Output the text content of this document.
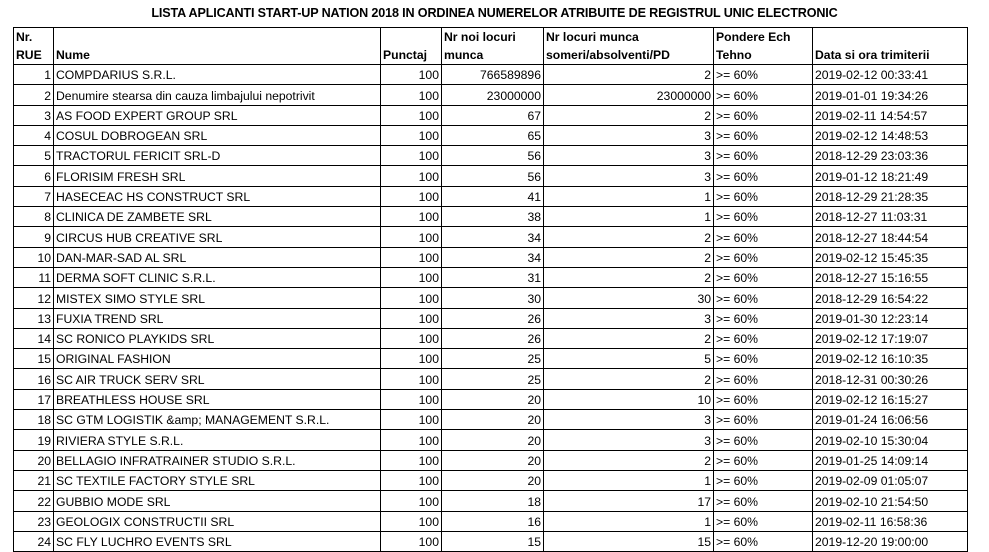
LISTA APLICANTI START-UP NATION 2018 IN ORDINEA NUMERELOR ATRIBUITE DE REGISTRUL UNIC ELECTRONIC
Nr.			Nr noi locuri	Nr locuri munca	Pondere Ech	
RUE	Nume	Punctaj	munca	someri/absolventi/PD	Tehno	Data si ora trimiterii
1	COMPDARIUS S.R.L.	100	766589896	2	>= 60%	2019-02-12 00:33:41
2	Denumire stearsa din cauza limbajului nepotrivit	100	23000000	23000000	>= 60%	2019-01-01 19:34:26
3	AS FOOD EXPERT GROUP SRL	100	67	2	>= 60%	2019-02-11 14:54:57
4	COSUL DOBROGEAN SRL	100	65	3	>= 60%	2019-02-12 14:48:53
5	TRACTORUL FERICIT SRL-D	100	56	3	>= 60%	2018-12-29 23:03:36
6	FLORISIM FRESH SRL	100	56	3	>= 60%	2019-01-12 18:21:49
7	HASECEAC HS CONSTRUCT SRL	100	41	1	>= 60%	2018-12-29 21:28:35
8	CLINICA DE ZAMBETE SRL	100	38	1	>= 60%	2018-12-27 11:03:31
9	CIRCUS HUB CREATIVE SRL	100	34	2	>= 60%	2018-12-27 18:44:54
10	DAN-MAR-SAD AL SRL	100	34	2	>= 60%	2019-02-12 15:45:35
11	DERMA SOFT CLINIC S.R.L.	100	31	2	>= 60%	2018-12-27 15:16:55
12	MISTEX SIMO STYLE SRL	100	30	30	>= 60%	2018-12-29 16:54:22
13	FUXIA TREND SRL	100	26	3	>= 60%	2019-01-30 12:23:14
14	SC RONICO PLAYKIDS SRL	100	26	2	>= 60%	2019-02-12 17:19:07
15	ORIGINAL FASHION	100	25	5	>= 60%	2019-02-12 16:10:35
16	SC AIR TRUCK SERV SRL	100	25	2	>= 60%	2018-12-31 00:30:26
17	BREATHLESS HOUSE SRL	100	20	10	>= 60%	2019-02-12 16:15:27
18	SC GTM LOGISTIK &amp; MANAGEMENT S.R.L.	100	20	3	>= 60%	2019-01-24 16:06:56
19	RIVIERA STYLE S.R.L.	100	20	3	>= 60%	2019-02-10 15:30:04
20	BELLAGIO INFRATRAINER STUDIO S.R.L.	100	20	2	>= 60%	2019-01-25 14:09:14
21	SC TEXTILE FACTORY STYLE SRL	100	20	1	>= 60%	2019-02-09 01:05:07
22	GUBBIO MODE SRL	100	18	17	>= 60%	2019-02-10 21:54:50
23	GEOLOGIX CONSTRUCTII SRL	100	16	1	>= 60%	2019-02-11 16:58:36
24	SC FLY LUCHRO EVENTS SRL	100	15	15	>= 60%	2019-12-20 19:00:00
